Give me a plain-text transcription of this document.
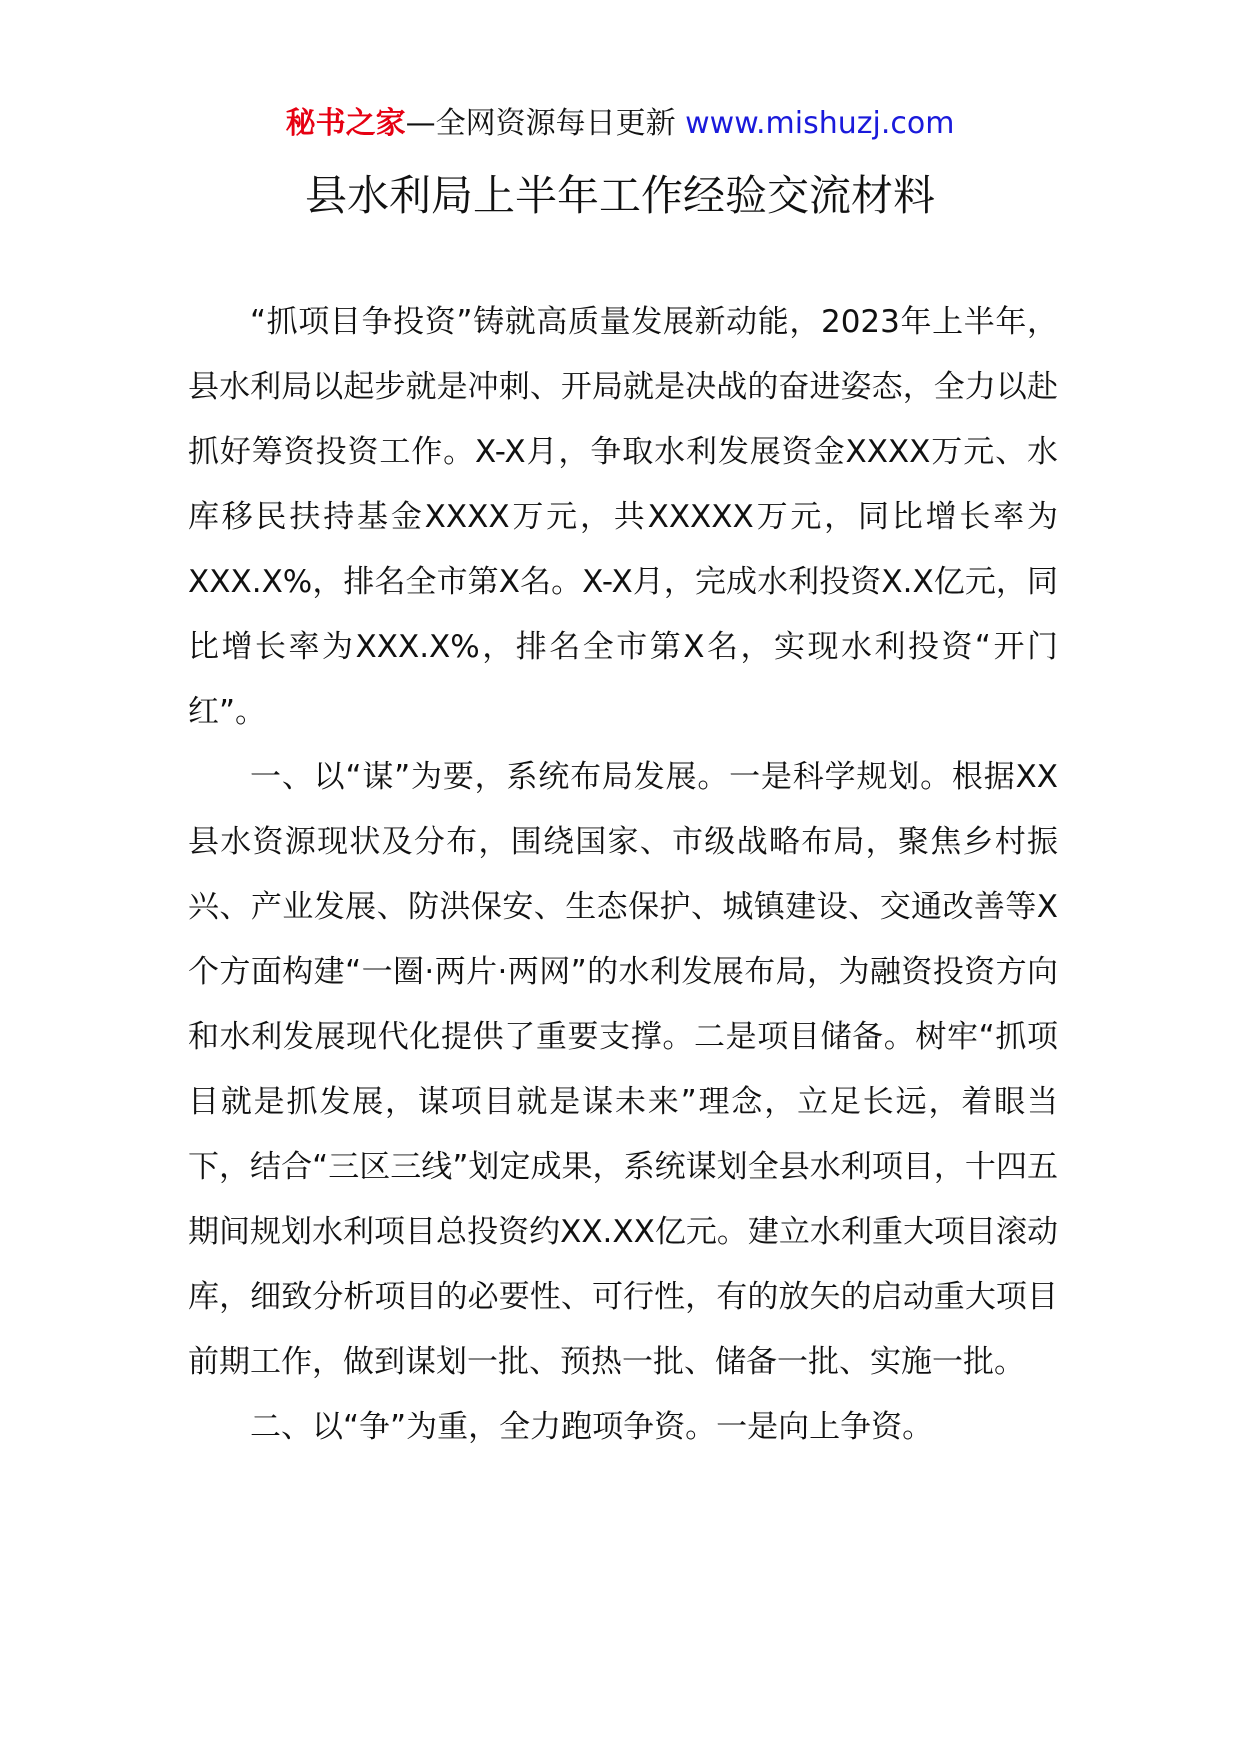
秘书之家—全网资源每日更新 www.mishuzj.com
县水利局上半年工作经验交流材料

“抓项目争投资”铸就高质量发展新动能，2023年上半年，县水利局以起步就是冲刺、开局就是决战的奋进姿态，全力以赴抓好筹资投资工作。X-X月，争取水利发展资金XXXX万元、水库移民扶持基金XXXX万元，共XXXXX万元，同比增长率为XXX.X%，排名全市第X名。X-X月，完成水利投资X.X亿元，同比增长率为XXX.X%，排名全市第X名，实现水利投资“开门红”。

一、以“谋”为要，系统布局发展。一是科学规划。根据XX县水资源现状及分布，围绕国家、市级战略布局，聚焦乡村振兴、产业发展、防洪保安、生态保护、城镇建设、交通改善等X个方面构建“一圈·两片·两网”的水利发展布局，为融资投资方向和水利发展现代化提供了重要支撑。二是项目储备。树牢“抓项目就是抓发展，谋项目就是谋未来”理念，立足长远，着眼当下，结合“三区三线”划定成果，系统谋划全县水利项目，十四五期间规划水利项目总投资约XX.XX亿元。建立水利重大项目滚动库，细致分析项目的必要性、可行性，有的放矢的启动重大项目前期工作，做到谋划一批、预热一批、储备一批、实施一批。

二、以“争”为重，全力跑项争资。一是向上争资。
